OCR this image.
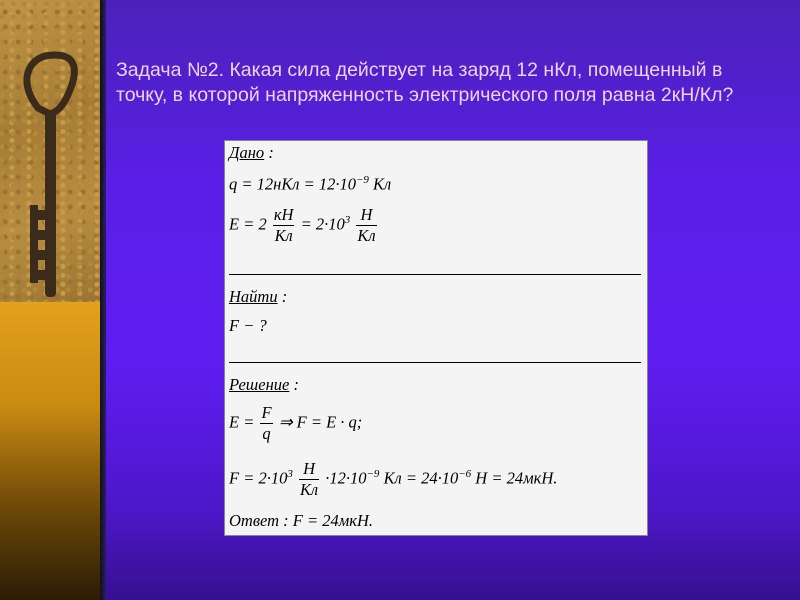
Задача №2. Какая сила действует на заряд 12 нКл, помещенный в
точку, в которой напряженность электрического поля равна 2кН/Кл?
Дано :
$q = 12нКл = 12\cdot 10^{-9}$ Кл
$E = 2 \frac{кН}{Кл} = 2\cdot 10^3 \frac{Н}{Кл}$
Найти :
F − ?
Решение :
$E = \frac{F}{q}$ ⇒ F = E · q;
$F = 2\cdot 10^3 \frac{Н}{Кл} \cdot 12\cdot 10^{-9}$ Кл = $24\cdot 10^{-6}$ Н = 24мкН.
Ответ : F = 24мкН.
